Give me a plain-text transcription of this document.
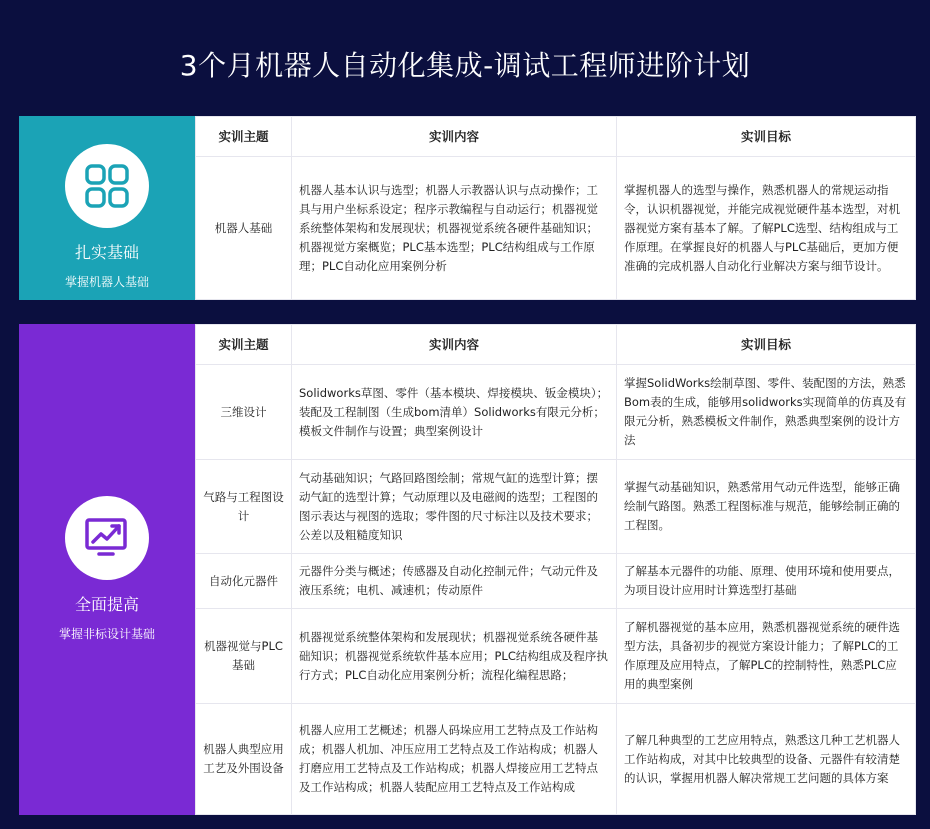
3个月机器人自动化集成-调试工程师进阶计划
扎实基础
掌握机器人基础
实训主题	实训内容	实训目标
机器人基础	机器人基本认识与选型；机器人示教器认识与点动操作；工具与用户坐标系设定；程序示教编程与自动运行；机器视觉系统整体架构和发展现状；机器视觉系统各硬件基础知识；机器视觉方案概览；PLC基本选型；PLC结构组成与工作原理；PLC自动化应用案例分析	掌握机器人的选型与操作，熟悉机器人的常规运动指令，认识机器视觉，并能完成视觉硬件基本选型，对机器视觉方案有基本了解。了解PLC选型、结构组成与工作原理。在掌握良好的机器人与PLC基础后，更加方便准确的完成机器人自动化行业解决方案与细节设计。
全面提高
掌握非标设计基础
实训主题	实训内容	实训目标
三维设计	Solidworks草图、零件（基本模块、焊接模块、钣金模块）；装配及工程制图（生成bom清单）Solidworks有限元分析；模板文件制作与设置；典型案例设计	掌握SolidWorks绘制草图、零件、装配图的方法，熟悉 Bom表的生成，能够用solidworks实现简单的仿真及有限元分析，熟悉模板文件制作，熟悉典型案例的设计方法
气路与工程图设计	气动基础知识；气路回路图绘制；常规气缸的选型计算；摆动气缸的选型计算；气动原理以及电磁阀的选型；工程图的图示表达与视图的选取；零件图的尺寸标注以及技术要求；公差以及粗糙度知识	掌握气动基础知识，熟悉常用气动元件选型，能够正确绘制气路图。熟悉工程图标准与规范，能够绘制正确的工程图。
自动化元器件	元器件分类与概述；传感器及自动化控制元件；气动元件及液压系统；电机、减速机；传动原件	了解基本元器件的功能、原理、使用环境和使用要点，为项目设计应用时计算选型打基础
机器视觉与PLC基础	机器视觉系统整体架构和发展现状；机器视觉系统各硬件基础知识；机器视觉系统软件基本应用；PLC结构组成及程序执行方式；PLC自动化应用案例分析；流程化编程思路；	了解机器视觉的基本应用，熟悉机器视觉系统的硬件选型方法，具备初步的视觉方案设计能力；了解PLC的工作原理及应用特点，了解PLC的控制特性，熟悉PLC应用的典型案例
机器人典型应用工艺及外围设备	机器人应用工艺概述；机器人码垛应用工艺特点及工作站构成；机器人机加、冲压应用工艺特点及工作站构成；机器人打磨应用工艺特点及工作站构成；机器人焊接应用工艺特点及工作站构成；机器人装配应用工艺特点及工作站构成	了解几种典型的工艺应用特点，熟悉这几种工艺机器人工作站构成，对其中比较典型的设备、元器件有较清楚的认识，掌握用机器人解决常规工艺问题的具体方案
